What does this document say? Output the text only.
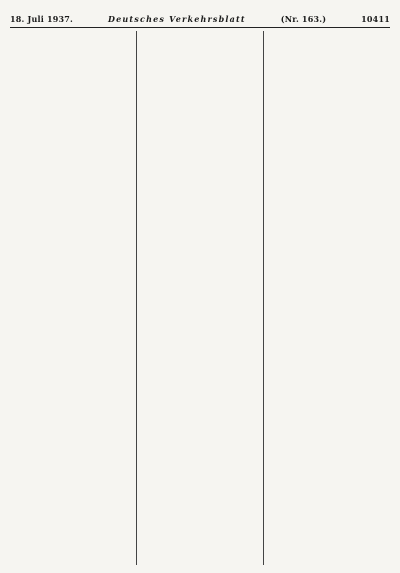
18. Juli 1937.	Deutsches Verkehrsblatt	(Nr. 163.)	10411
